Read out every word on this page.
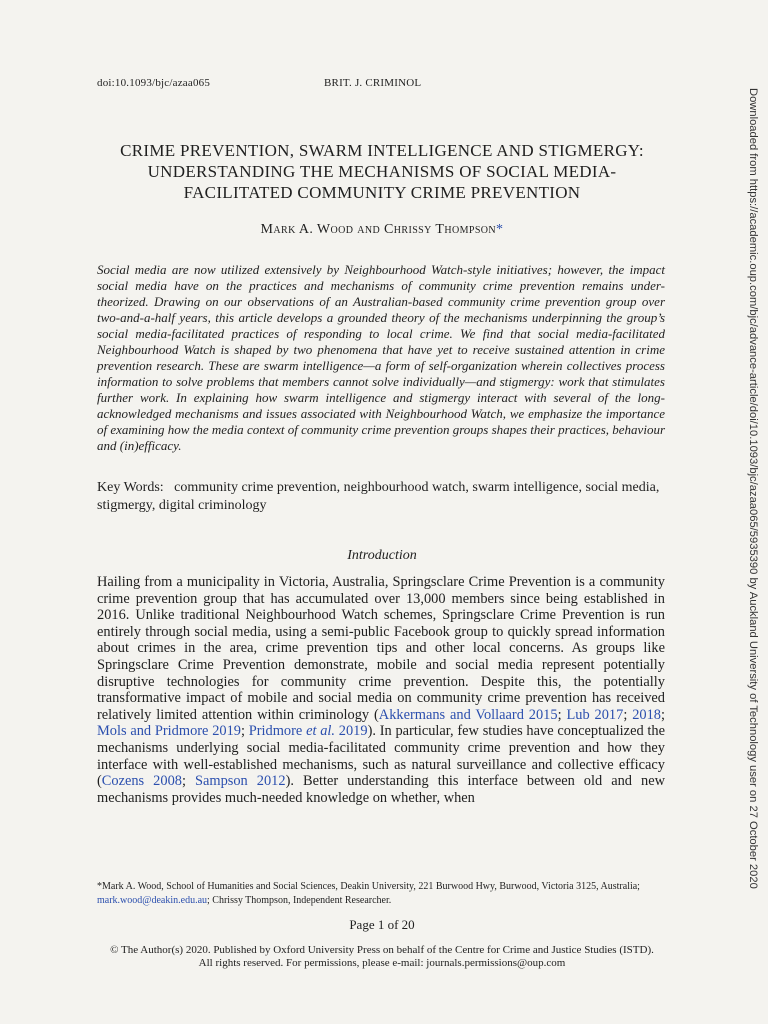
doi:10.1093/bjc/azaa065	BRIT. J. CRIMINOL
CRIME PREVENTION, SWARM INTELLIGENCE AND STIGMERGY: UNDERSTANDING THE MECHANISMS OF SOCIAL MEDIA-FACILITATED COMMUNITY CRIME PREVENTION
Mark A. Wood and Chrissy Thompson*
Social media are now utilized extensively by Neighbourhood Watch-style initiatives; however, the impact social media have on the practices and mechanisms of community crime prevention remains under-theorized. Drawing on our observations of an Australian-based community crime prevention group over two-and-a-half years, this article develops a grounded theory of the mechanisms underpinning the group’s social media-facilitated practices of responding to local crime. We find that social media-facilitated Neighbourhood Watch is shaped by two phenomena that have yet to receive sustained attention in crime prevention research. These are swarm intelligence—a form of self-organization wherein collectives process information to solve problems that members cannot solve individually—and stigmergy: work that stimulates further work. In explaining how swarm intelligence and stigmergy interact with several of the long-acknowledged mechanisms and issues associated with Neighbourhood Watch, we emphasize the importance of examining how the media context of community crime prevention groups shapes their practices, behaviour and (in)efficacy.
Key Words: community crime prevention, neighbourhood watch, swarm intelligence, social media, stigmergy, digital criminology
Introduction
Hailing from a municipality in Victoria, Australia, Springsclare Crime Prevention is a community crime prevention group that has accumulated over 13,000 members since being established in 2016. Unlike traditional Neighbourhood Watch schemes, Springsclare Crime Prevention is run entirely through social media, using a semi-public Facebook group to quickly spread information about crimes in the area, crime prevention tips and other local concerns. As groups like Springsclare Crime Prevention demonstrate, mobile and social media represent potentially disruptive technologies for community crime prevention. Despite this, the potentially transformative impact of mobile and social media on community crime prevention has received relatively limited attention within criminology (Akkermans and Vollaard 2015; Lub 2017; 2018; Mols and Pridmore 2019; Pridmore et al. 2019). In particular, few studies have conceptualized the mechanisms underlying social media-facilitated community crime prevention and how they interface with well-established mechanisms, such as natural surveillance and collective efficacy (Cozens 2008; Sampson 2012). Better understanding this interface between old and new mechanisms provides much-needed knowledge on whether, when
*Mark A. Wood, School of Humanities and Social Sciences, Deakin University, 221 Burwood Hwy, Burwood, Victoria 3125, Australia; mark.wood@deakin.edu.au; Chrissy Thompson, Independent Researcher.
Page 1 of 20
© The Author(s) 2020. Published by Oxford University Press on behalf of the Centre for Crime and Justice Studies (ISTD).
All rights reserved. For permissions, please e-mail: journals.permissions@oup.com
Downloaded from https://academic.oup.com/bjc/advance-article/doi/10.1093/bjc/azaa065/5935390 by Auckland University of Technology user on 27 October 2020
